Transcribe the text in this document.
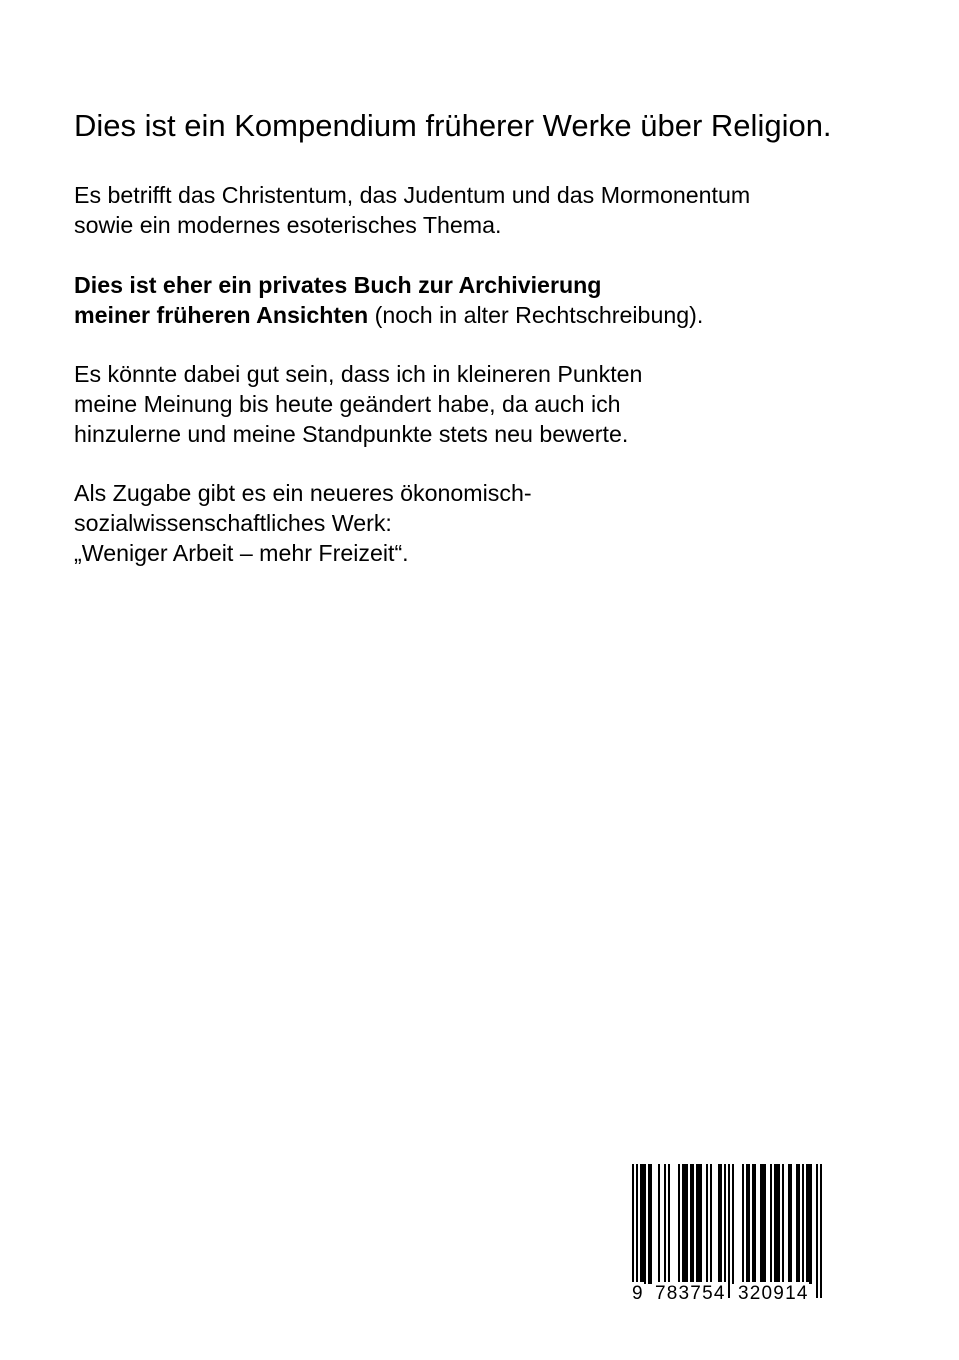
Dies ist ein Kompendium früherer Werke über Religion.

Es betrifft das Christentum, das Judentum und das Mormonentum
sowie ein modernes esoterisches Thema.

Dies ist eher ein privates Buch zur Archivierung
meiner früheren Ansichten (noch in alter Rechtschreibung).

Es könnte dabei gut sein, dass ich in kleineren Punkten
meine Meinung bis heute geändert habe, da auch ich
hinzulerne und meine Standpunkte stets neu bewerte.

Als Zugabe gibt es ein neueres ökonomisch-
sozialwissenschaftliches Werk:
„Weniger Arbeit – mehr Freizeit“.

9 783754 320914
